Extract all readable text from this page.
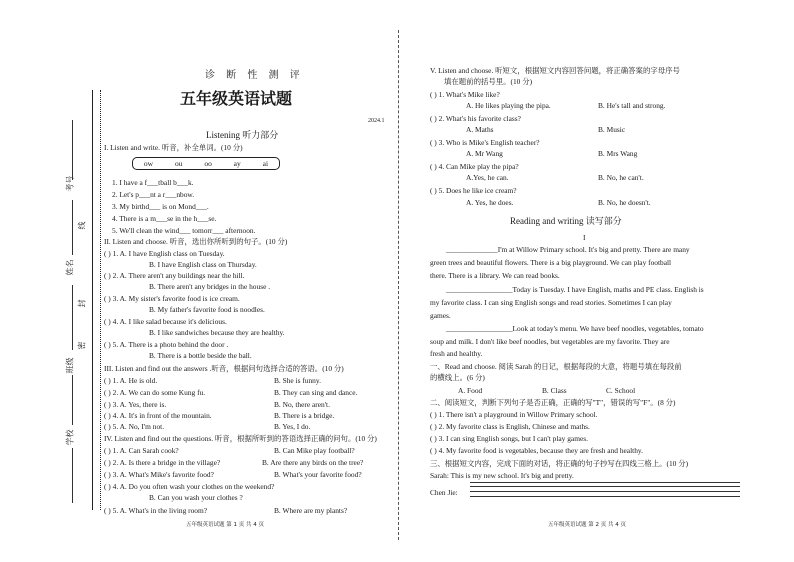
考号
线
姓名
封
班级
密
学校
诊 断 性 测 评
五年级英语试题
2024.1
Listening 听力部分
I. Listen and write. 听音，补全单词。(10 分)
ow	ou	oo	ay	ai
1. I have a f___tball b___k.
2. Let's p___nt a r___nbow.
3. My birthd___ is on Mond___.
4. There is a m___se in the h___se.
5. We'll clean the wind___ tomorr___ afternoon.
II. Listen and choose. 听音，选出你所听到的句子。(10 分)
( ) 1. A. I have English class on Tuesday.
B. I have English class on Thursday.
( ) 2. A. There aren't any buildings near the hill.
B. There aren't any bridges in the house .
( ) 3. A. My sister's favorite food is ice cream.
B. My father's favorite food is noodles.
( ) 4. A. I like salad because it's delicious.
B. I like sandwiches because they are healthy.
( ) 5. A. There is a photo behind the door .
B. There is a bottle beside the ball.
III. Listen and find out the answers .听音，根据问句选择合适的答语。(10 分)
( ) 1. A. He is old.	B. She is funny.
( ) 2. A. We can do some Kung fu.	B. They can sing and dance.
( ) 3. A. Yes, there is.	B. No, there aren't.
( ) 4. A. It's in front of the mountain.	B. There is a bridge.
( ) 5. A. No, I'm not.	B. Yes, I do.
IV. Listen and find out the questions. 听音，根据所听到的答语选择正确的问句。(10 分)
( ) 1. A. Can Sarah cook?	B. Can Mike play football?
( ) 2. A. Is there a bridge in the village?	B. Are there any birds on the tree?
( ) 3. A. What's Mike's favorite food?	B. What's your favorite food?
( ) 4. A. Do you often wash your clothes on the weekend?
B. Can you wash your clothes ?
( ) 5. A. What's in the living room?	B. Where are my plants?
五年级英语试题 第 1 页 共 4 页
V. Listen and choose. 听短文，根据短文内容回答问题，将正确答案的字母序号
填在题前的括号里。(10 分)
( ) 1. What's Mike like?
A. He likes playing the pipa.	B. He's tall and strong.
( ) 2. What's his favorite class?
A. Maths	B. Music
( ) 3. Who is Mike's English teacher?
A. Mr Wang	B. Mrs Wang
( ) 4. Can Mike play the pipa?
A.Yes, he can.	B. No, he can't.
( ) 5. Does he like ice cream?
A. Yes, he does.	B. No, he doesn't.
Reading and writing 读写部分
I
______________I'm at Willow Primary school. It's big and pretty. There are many
green trees and beautiful flowers. There is a big playground. We can play football
there. There is a library. We can read books.
__________________Today is Tuesday. I have English, maths and PE class. English is
my favorite class. I can sing English songs and read stories. Sometimes I can play
games.
__________________Look at today's menu. We have beef noodles, vegetables, tomato
soup and milk. I don't like beef noodles, but vegetables are my favorite. They are
fresh and healthy.
一、Read and choose. 阅读 Sarah 的日记，根据每段的大意，将题号填在每段前
的横线上。(6 分)
A. Food	B. Class	C. School
二、阅读短文，判断下列句子是否正确，正确的写"T"，错误的写"F"。(8 分)
( ) 1. There isn't a playground in Willow Primary school.
( ) 2. My favorite class is English, Chinese and maths.
( ) 3. I can sing English songs, but I can't play games.
( ) 4. My favorite food is vegetables, because they are fresh and healthy.
三、根据短文内容，完成下面的对话，将正确的句子抄写在四线三格上。(10 分)
Sarah: This is my new school. It's big and pretty.
Chen Jie:
五年级英语试题 第 2 页 共 4 页
